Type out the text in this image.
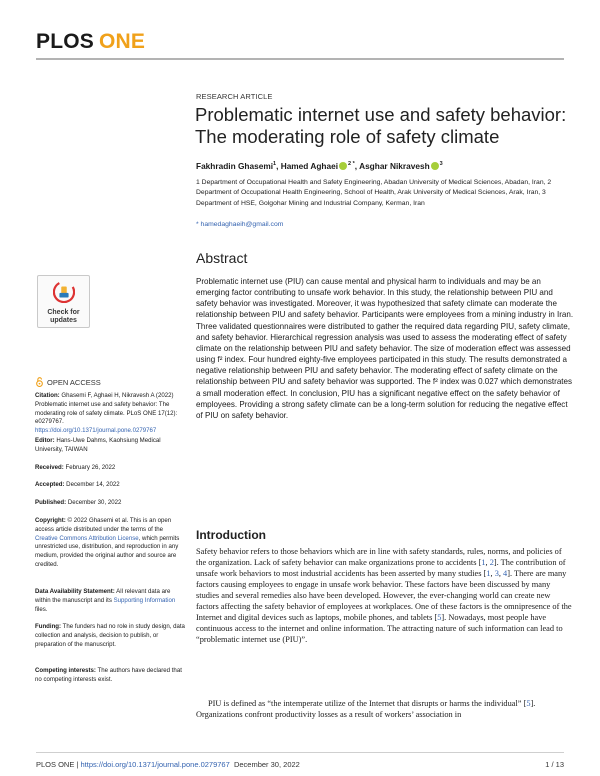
PLOS ONE
RESEARCH ARTICLE
Problematic internet use and safety behavior: The moderating role of safety climate
Fakhradin Ghasemi$^1$, Hamed Aghaei $^{2 *}$, Asghar Nikravesh $^3$
1 Department of Occupational Health and Safety Engineering, Abadan University of Medical Sciences, Abadan, Iran, 2 Department of Occupational Health Engineering, School of Health, Arak University of Medical Sciences, Arak, Iran, 3 Department of HSE, Golgohar Mining and Industrial Company, Kerman, Iran
* hamedaghaeih@gmail.com
Abstract
Problematic internet use (PIU) can cause mental and physical harm to individuals and may be an emerging factor contributing to unsafe work behavior. In this study, the relationship between PIU and safety behavior was investigated. Moreover, it was hypothesized that safety climate can moderate the relationship between PIU and safety behavior. Participants were employees from a mining industry in Iran. Three validated questionnaires were distributed to gather the required data regarding PIU, safety climate, and safety behavior. Hierarchical regression analysis was used to assess the moderating effect of safety climate on the relationship between PIU and safety behavior. The size of moderation effect was assessed using f² index. Four hundred eighty-five employees participated in this study. The results demonstrated a negative relationship between PIU and safety behavior. The moderating effect of safety climate on the relationship between PIU and safety behavior was supported. The f² index was 0.027 which demonstrates a small moderation effect. In conclusion, PIU has a significant negative effect on the safety behavior of employees. Providing a strong safety climate can be a long-term solution for reducing the negative effect of PIU on safety behavior.
Check for
updates
OPEN ACCESS
Citation: Ghasemi F, Aghaei H, Nikravesh A (2022) Problematic internet use and safety behavior: The moderating role of safety climate. PLoS ONE 17(12): e0279767. https://doi.org/10.1371/journal.pone.0279767
Editor: Hans-Uwe Dahms, Kaohsiung Medical University, TAIWAN
Received: February 26, 2022
Accepted: December 14, 2022
Published: December 30, 2022
Copyright: © 2022 Ghasemi et al. This is an open access article distributed under the terms of the Creative Commons Attribution License, which permits unrestricted use, distribution, and reproduction in any medium, provided the original author and source are credited.
Data Availability Statement: All relevant data are within the manuscript and its Supporting Information files.
Funding: The funders had no role in study design, data collection and analysis, decision to publish, or preparation of the manuscript.
Competing interests: The authors have declared that no competing interests exist.
Introduction
Safety behavior refers to those behaviors which are in line with safety standards, rules, norms, and policies of the organization. Lack of safety behavior can make organizations prone to accidents [1, 2]. The contribution of unsafe work behaviors to most industrial accidents has been asserted by many studies [1, 3, 4]. There are many factors causing employees to engage in unsafe work behavior. These factors have been discussed by many studies and several remedies also have been developed. However, the ever-changing world can create new factors affecting the safety behavior of employees at workplaces. One of these factors is the omnipresence of the Internet and digital devices such as laptops, mobile phones, and tablets [5]. Nowadays, most people have continuous access to the internet and online information. The attracting nature of such information can lead to “problematic internet use (PIU)”.
PIU is defined as “the intemperate utilize of the Internet that disrupts or harms the individual” [5]. Organizations confront productivity losses as a result of workers’ association in
PLOS ONE | https://doi.org/10.1371/journal.pone.0279767 December 30, 2022	1 / 13
